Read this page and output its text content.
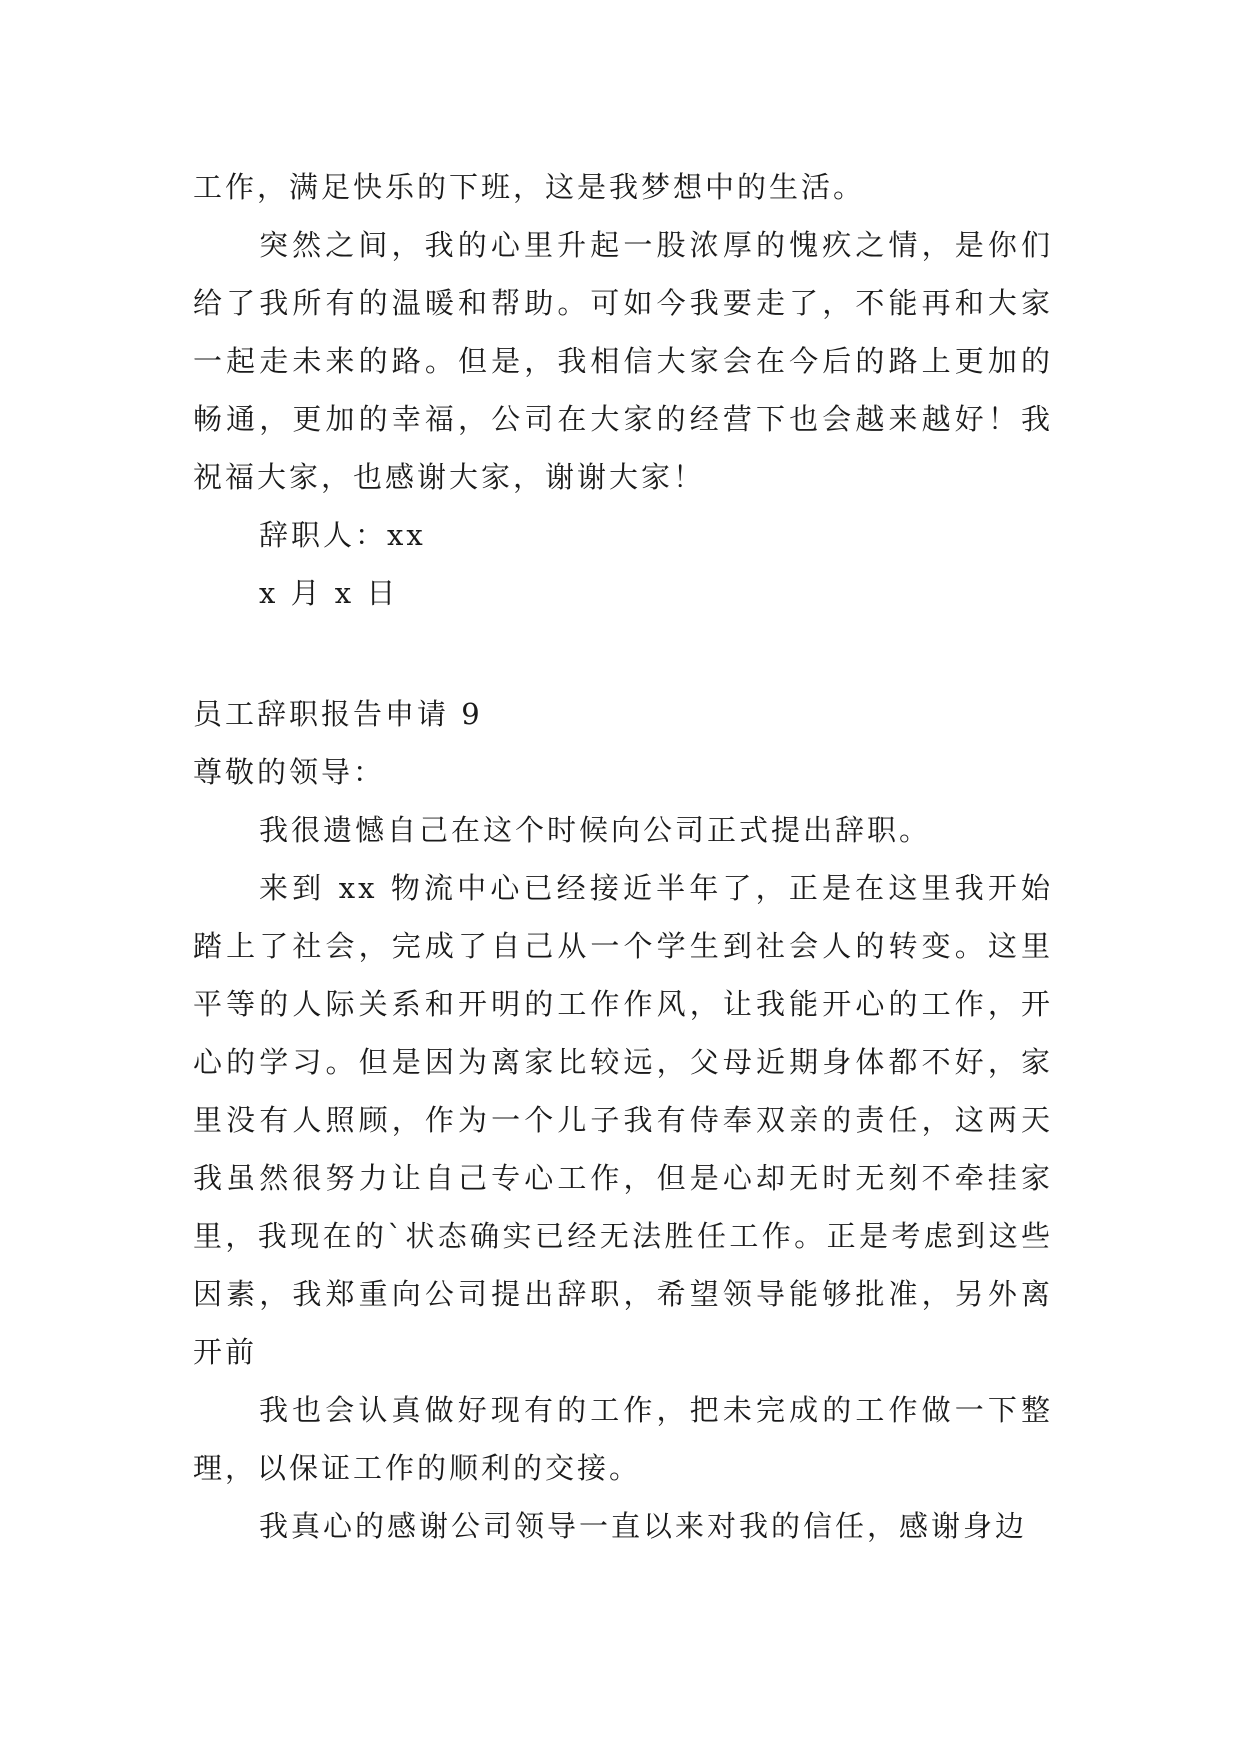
工作，满足快乐的下班，这是我梦想中的生活。

突然之间，我的心里升起一股浓厚的愧疚之情，是你们给了我所有的温暖和帮助。可如今我要走了，不能再和大家一起走未来的路。但是，我相信大家会在今后的路上更加的畅通，更加的幸福，公司在大家的经营下也会越来越好！我祝福大家，也感谢大家，谢谢大家！

辞职人：xx

x 月 x 日

员工辞职报告申请 9

尊敬的领导：

我很遗憾自己在这个时候向公司正式提出辞职。

来到 xx 物流中心已经接近半年了，正是在这里我开始踏上了社会，完成了自己从一个学生到社会人的转变。这里平等的人际关系和开明的工作作风，让我能开心的工作，开心的学习。但是因为离家比较远，父母近期身体都不好，家里没有人照顾，作为一个儿子我有侍奉双亲的责任，这两天我虽然很努力让自己专心工作，但是心却无时无刻不牵挂家里，我现在的`状态确实已经无法胜任工作。正是考虑到这些因素，我郑重向公司提出辞职，希望领导能够批准，另外离开前

我也会认真做好现有的工作，把未完成的工作做一下整理，以保证工作的顺利的交接。

我真心的感谢公司领导一直以来对我的信任，感谢身边
